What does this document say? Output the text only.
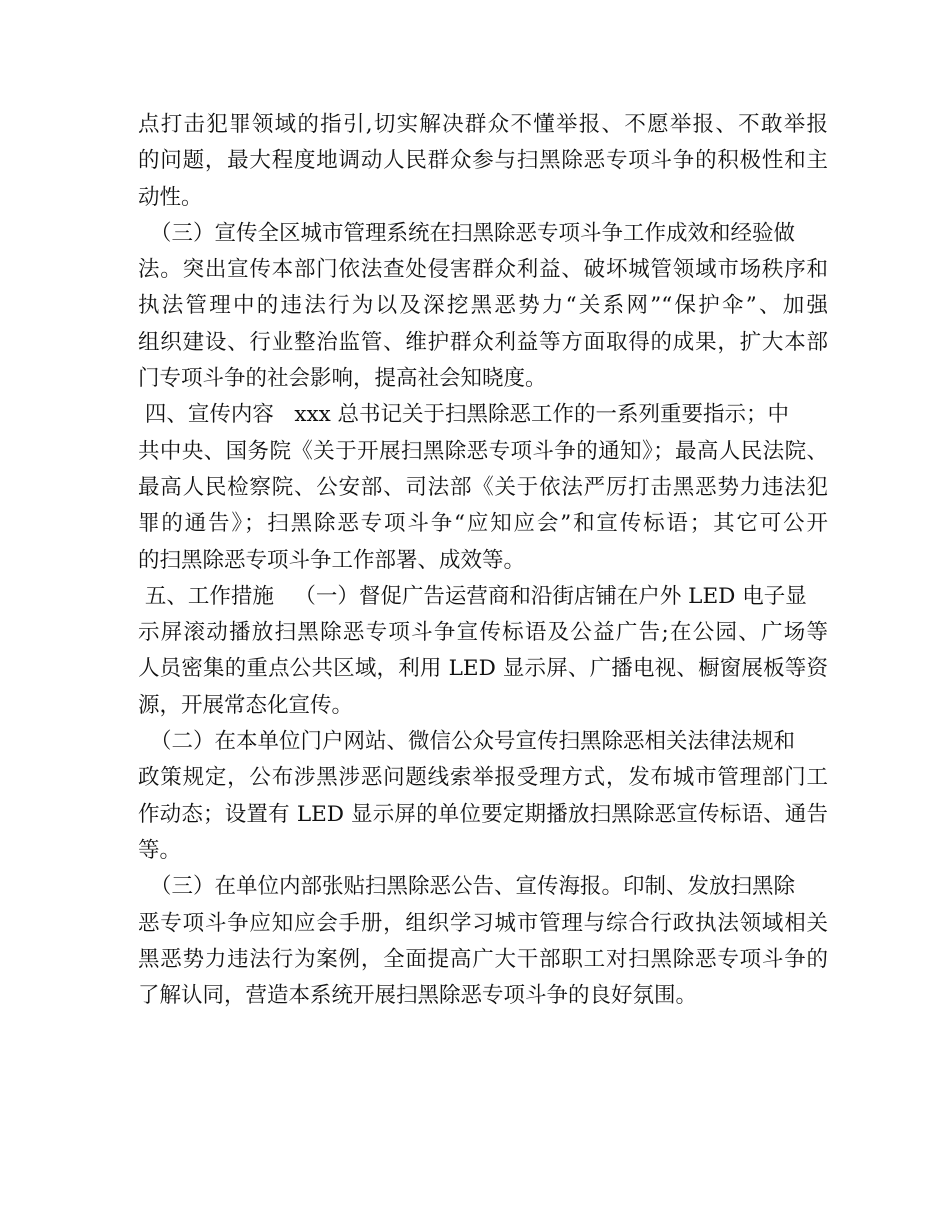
点打击犯罪领域的指引,切实解决群众不懂举报、不愿举报、不敢举报
的问题，最大程度地调动人民群众参与扫黑除恶专项斗争的积极性和主
动性。
（三）宣传全区城市管理系统在扫黑除恶专项斗争工作成效和经验做
法。突出宣传本部门依法查处侵害群众利益、破坏城管领域市场秩序和
执法管理中的违法行为以及深挖黑恶势力“关系网”“保护伞”、加强
组织建设、行业整治监管、维护群众利益等方面取得的成果，扩大本部
门专项斗争的社会影响，提高社会知晓度。
四、宣传内容   xxx 总书记关于扫黑除恶工作的一系列重要指示；中
共中央、国务院《关于开展扫黑除恶专项斗争的通知》；最高人民法院、
最高人民检察院、公安部、司法部《关于依法严厉打击黑恶势力违法犯
罪的通告》；扫黑除恶专项斗争“应知应会”和宣传标语；其它可公开
的扫黑除恶专项斗争工作部署、成效等。
五、工作措施   （一）督促广告运营商和沿街店铺在户外 LED 电子显
示屏滚动播放扫黑除恶专项斗争宣传标语及公益广告;在公园、广场等
人员密集的重点公共区域，利用 LED 显示屏、广播电视、橱窗展板等资
源，开展常态化宣传。
（二）在本单位门户网站、微信公众号宣传扫黑除恶相关法律法规和
政策规定，公布涉黑涉恶问题线索举报受理方式，发布城市管理部门工
作动态；设置有 LED 显示屏的单位要定期播放扫黑除恶宣传标语、通告
等。
（三）在单位内部张贴扫黑除恶公告、宣传海报。印制、发放扫黑除
恶专项斗争应知应会手册，组织学习城市管理与综合行政执法领域相关
黑恶势力违法行为案例，全面提高广大干部职工对扫黑除恶专项斗争的
了解认同，营造本系统开展扫黑除恶专项斗争的良好氛围。
